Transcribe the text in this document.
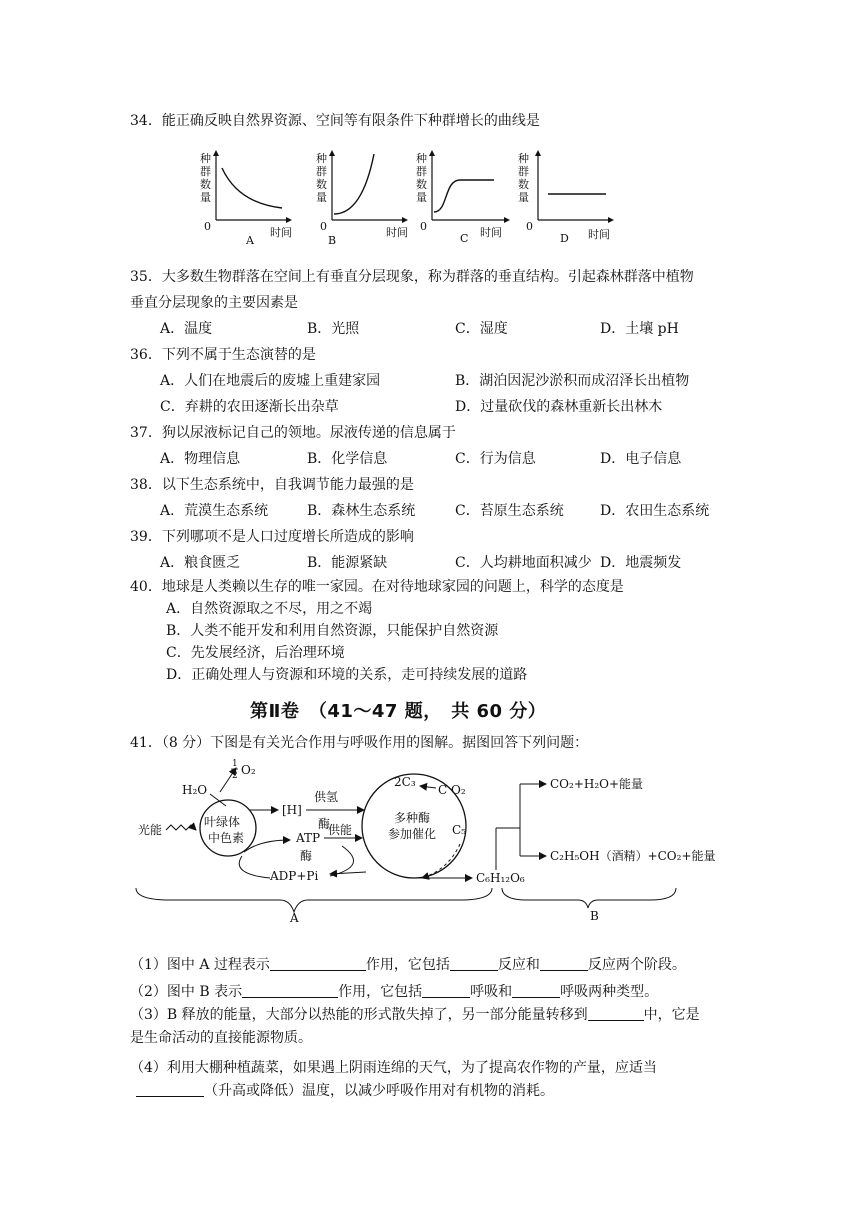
34．能正确反映自然界资源、空间等有限条件下种群增长的曲线是
种
群
数
量
0
A
时间
种
群
数
量
0
B
时间
种
群
数
量
0
C 时间
种
群
数
量
0
D 时间
35．大多数生物群落在空间上有垂直分层现象，称为群落的垂直结构。引起森林群落中植物
垂直分层现象的主要因素是
A．温度	B．光照	C．湿度	D．土壤 pH
36．下列不属于生态演替的是
A．人们在地震后的废墟上重建家园	B．湖泊因泥沙淤积而成沼泽长出植物
C．弃耕的农田逐渐长出杂草	D．过量砍伐的森林重新长出林木
37．狗以尿液标记自己的领地。尿液传递的信息属于
A．物理信息	B．化学信息	C．行为信息	D．电子信息
38．以下生态系统中，自我调节能力最强的是
A．荒漠生态系统	B．森林生态系统	C．苔原生态系统	D．农田生态系统
39．下列哪项不是人口过度增长所造成的影响
A．粮食匮乏	B．能源紧缺	C．人均耕地面积减少 D．地震频发
40．地球是人类赖以生存的唯一家园。在对待地球家园的问题上，科学的态度是
A．自然资源取之不尽，用之不竭
B．人类不能开发和利用自然资源，只能保护自然资源
C．先发展经济，后治理环境
D．正确处理人与资源和环境的关系，走可持续发展的道路
第Ⅱ卷　（41～47 题，　共 60 分）
41．（8 分）下图是有关光合作用与呼吸作用的图解。据图回答下列问题：
H₂O
1
2 O₂
光能
叶绿体
中色素
[H]
供氢
酶
ATP
供能
酶
ADP+Pi
2C₃
C O₂
多种酶
参加催化 C₅
C₆H₁₂O₆
CO₂+H₂O+能量
C₂H₅OH（酒精）+CO₂+能量
A	B
（1）图中 A 过程表示	作用，它包括	反应和	反应两个阶段。
（2）图中 B 表示	作用，它包括	呼吸和	呼吸两种类型。
（3）B 释放的能量，大部分以热能的形式散失掉了，另一部分能量转移到	中，它是
是生命活动的直接能源物质。
（4）利用大棚种植蔬菜，如果遇上阴雨连绵的天气，为了提高农作物的产量，应适当
（升高或降低）温度，以减少呼吸作用对有机物的消耗。
